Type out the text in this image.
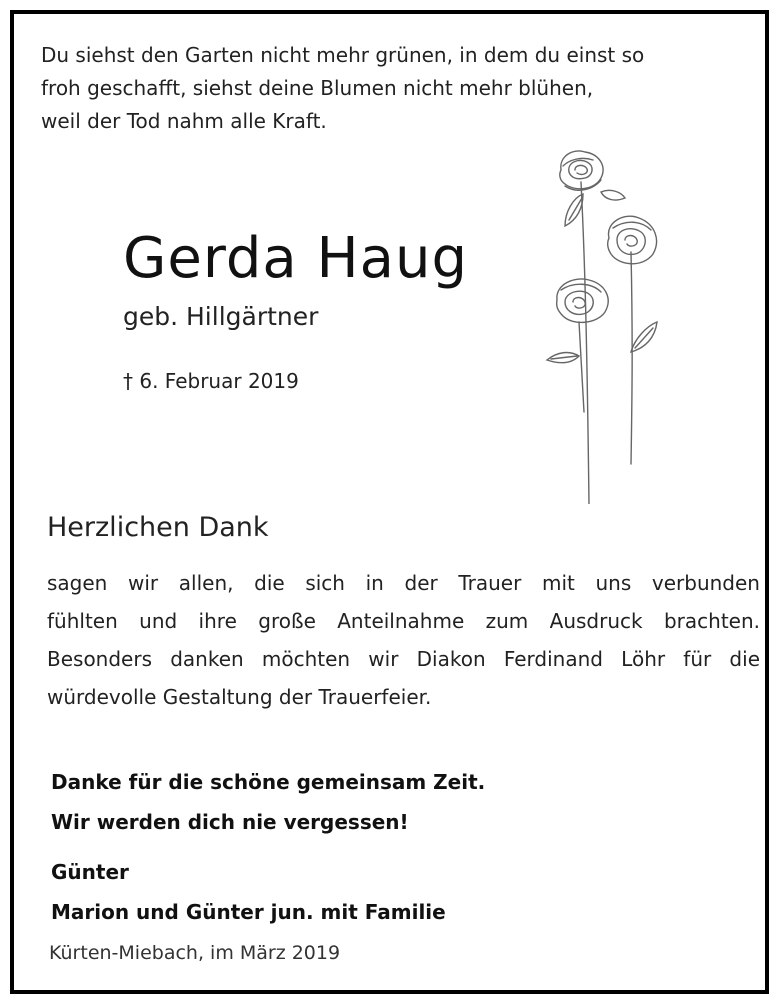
Du siehst den Garten nicht mehr grünen, in dem du einst so
froh geschafft, siehst deine Blumen nicht mehr blühen,
weil der Tod nahm alle Kraft.
Gerda Haug
geb. Hillgärtner
† 6. Februar 2019
Herzlichen Dank
sagen wir allen, die sich in der Trauer mit uns verbunden
fühlten und ihre große Anteilnahme zum Ausdruck brachten.
Besonders danken möchten wir Diakon Ferdinand Löhr für die
würdevolle Gestaltung der Trauerfeier.
Danke für die schöne gemeinsam Zeit.
Wir werden dich nie vergessen!
Günter
Marion und Günter jun. mit Familie
Kürten-Miebach, im März 2019
